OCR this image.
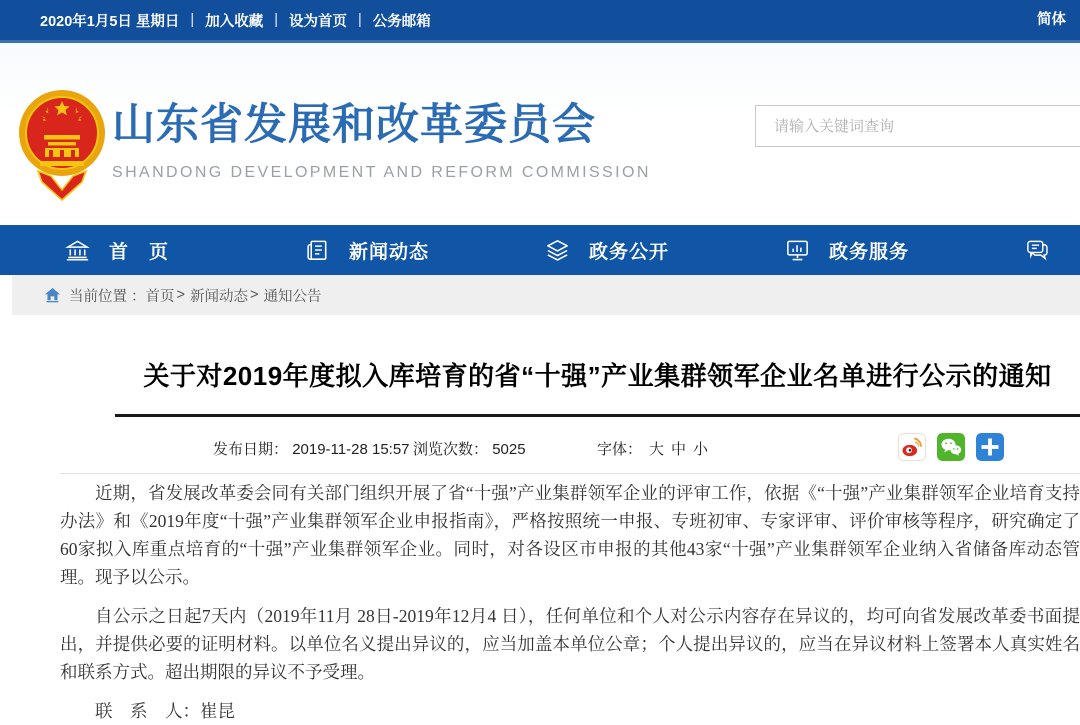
2020年1月5日 星期日 | 加入收藏 | 设为首页 | 公务邮箱	简体
山东省发展和改革委员会
SHANDONG DEVELOPMENT AND REFORM COMMISSION
请输入关键词查询
首　页	新闻动态	政务公开	政务服务
当前位置 ： 首页 > 新闻动态 > 通知公告
关于对2019年度拟入库培育的省“十强”产业集群领军企业名单进行公示的通知
发布日期： 2019-11-28 15:57 浏览次数： 5025	字体： 大 中 小

近期，省发展改革委会同有关部门组织开展了省“十强”产业集群领军企业的评审工作，依据《“十强”产业集群领军企业培育支持办法》和《2019年度“十强”产业集群领军企业申报指南》，严格按照统一申报、专班初审、专家评审、评价审核等程序，研究确定了60家拟入库重点培育的“十强”产业集群领军企业。同时，对各设区市申报的其他43家“十强”产业集群领军企业纳入省储备库动态管理。现予以公示。

自公示之日起7天内（2019年11月 28日-2019年12月4 日），任何单位和个人对公示内容存在异议的，均可向省发展改革委书面提出，并提供必要的证明材料。以单位名义提出异议的，应当加盖本单位公章；个人提出异议的，应当在异议材料上签署本人真实姓名和联系方式。超出期限的异议不予受理。

联　系　人：崔昆
